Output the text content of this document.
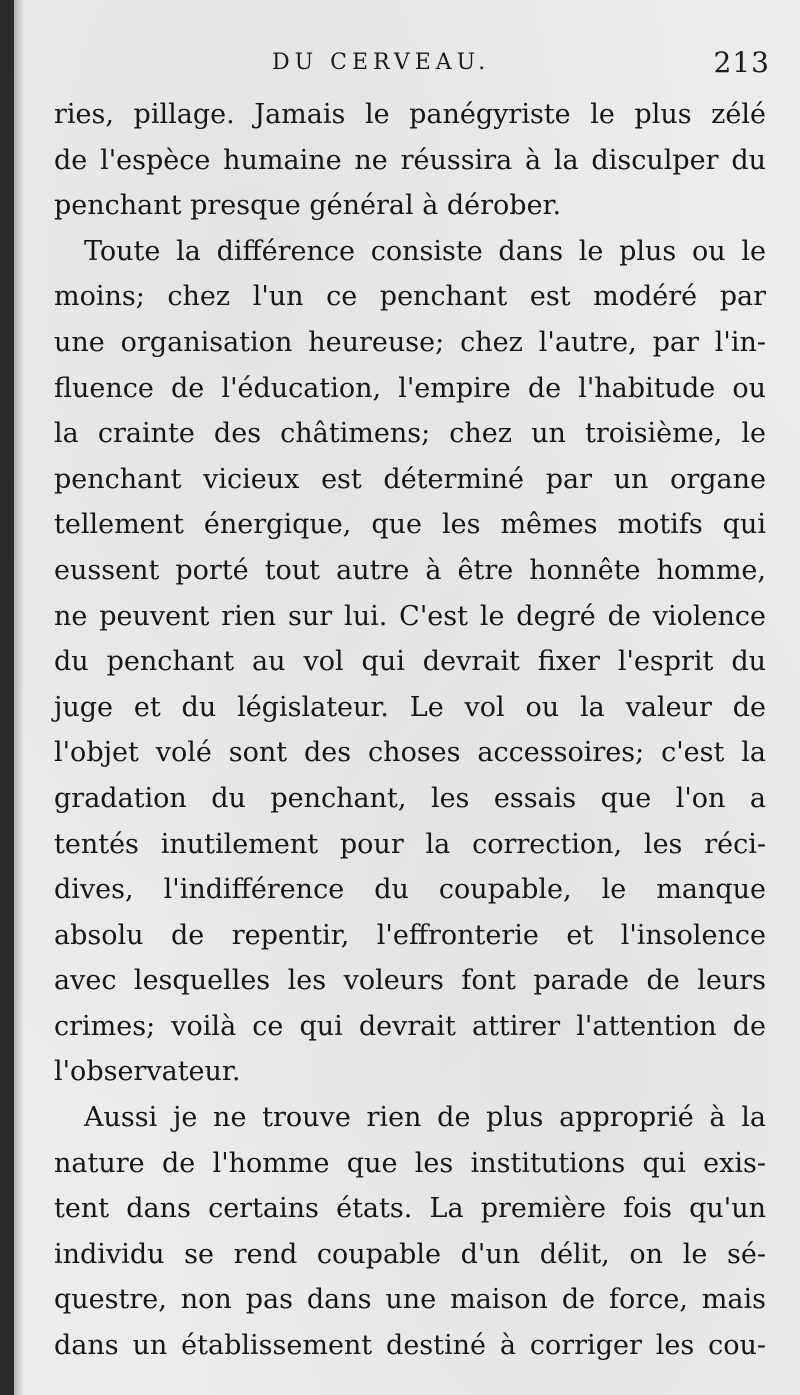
DU CERVEAU.	213

ries, pillage. Jamais le panégyriste le plus zélé
de l'espèce humaine ne réussira à la disculper du
penchant presque général à dérober.

Toute la différence consiste dans le plus ou le
moins; chez l'un ce penchant est modéré par
une organisation heureuse; chez l'autre, par l'in-
fluence de l'éducation, l'empire de l'habitude ou
la crainte des châtimens; chez un troisième, le
penchant vicieux est déterminé par un organe
tellement énergique, que les mêmes motifs qui
eussent porté tout autre à être honnête homme,
ne peuvent rien sur lui. C'est le degré de violence
du penchant au vol qui devrait fixer l'esprit du
juge et du législateur. Le vol ou la valeur de
l'objet volé sont des choses accessoires; c'est la
gradation du penchant, les essais que l'on a
tentés inutilement pour la correction, les réci-
dives, l'indifférence du coupable, le manque
absolu de repentir, l'effronterie et l'insolence
avec lesquelles les voleurs font parade de leurs
crimes; voilà ce qui devrait attirer l'attention de
l'observateur.

Aussi je ne trouve rien de plus approprié à la
nature de l'homme que les institutions qui exis-
tent dans certains états. La première fois qu'un
individu se rend coupable d'un délit, on le sé-
questre, non pas dans une maison de force, mais
dans un établissement destiné à corriger les cou-
